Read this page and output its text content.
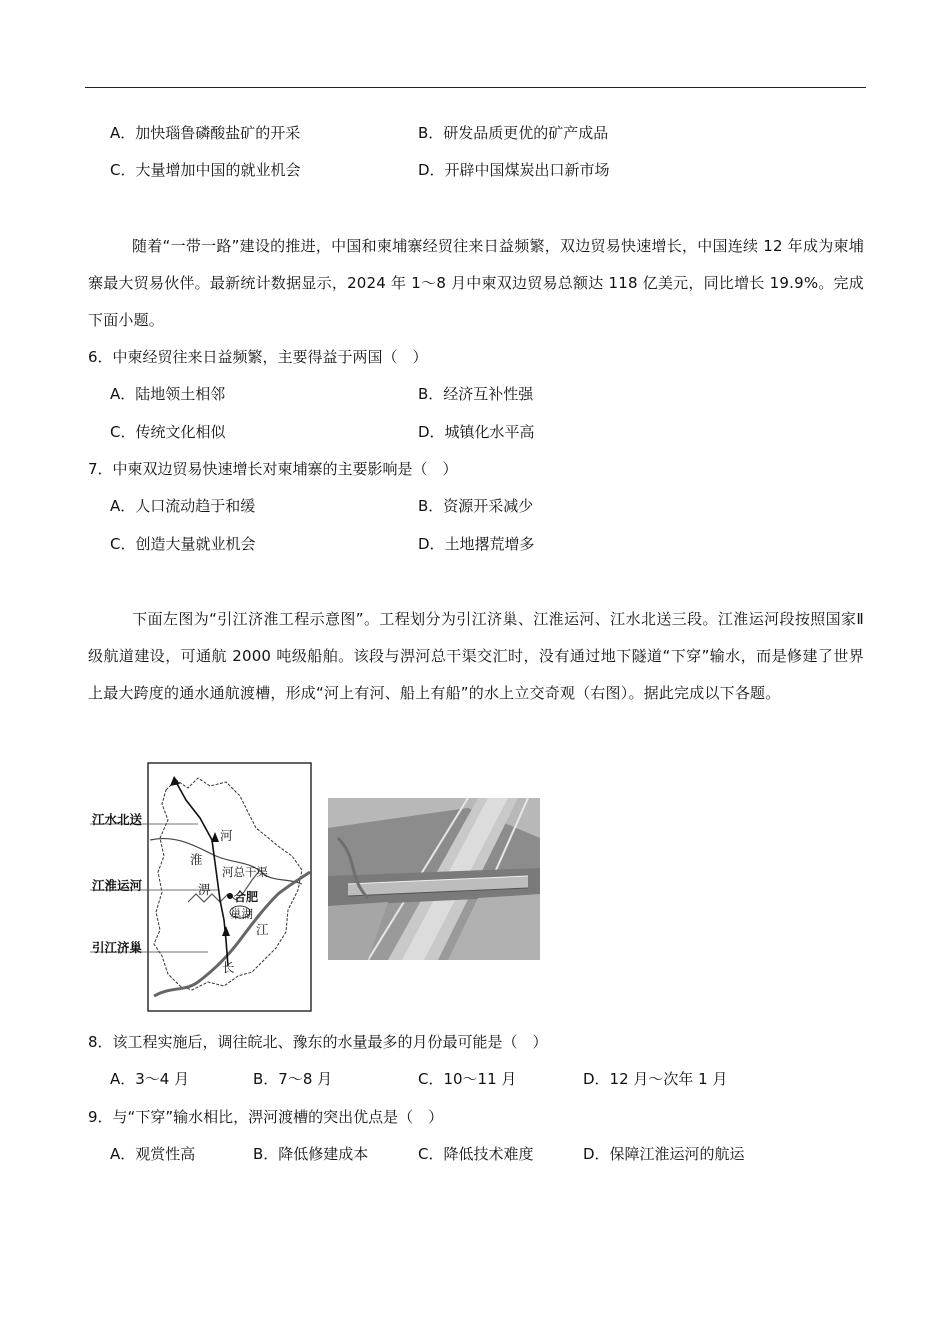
A．加快瑙鲁磷酸盐矿的开采	B．研发品质更优的矿产成品
C．大量增加中国的就业机会	D．开辟中国煤炭出口新市场
随着“一带一路”建设的推进，中国和柬埔寨经贸往来日益频繁，双边贸易快速增长，中国连续 12 年成为柬埔寨最大贸易伙伴。最新统计数据显示，2024 年 1～8 月中柬双边贸易总额达 118 亿美元，同比增长 19.9%。完成下面小题。
6．中柬经贸往来日益频繁，主要得益于两国（　）
A．陆地领土相邻	B．经济互补性强
C．传统文化相似	D．城镇化水平高
7．中柬双边贸易快速增长对柬埔寨的主要影响是（　）
A．人口流动趋于和缓	B．资源开采减少
C．创造大量就业机会	D．土地撂荒增多
下面左图为“引江济淮工程示意图”。工程划分为引江济巢、江淮运河、江水北送三段。江淮运河段按照国家Ⅱ级航道建设，可通航 2000 吨级船舶。该段与淠河总干渠交汇时，没有通过地下隧道“下穿”输水，而是修建了世界上最大跨度的通水通航渡槽，形成“河上有河、船上有船”的水上立交奇观（右图）。据此完成以下各题。
江水北送
江淮运河
引江济巢
河
淮
淠
河总干渠
合肥
巢湖
江
长
8．该工程实施后，调往皖北、豫东的水量最多的月份最可能是（　）
A．3～4 月	B．7～8 月	C．10～11 月	D．12 月～次年 1 月
9．与“下穿”输水相比，淠河渡槽的突出优点是（　）
A．观赏性高	B．降低修建成本	C．降低技术难度	D．保障江淮运河的航运
